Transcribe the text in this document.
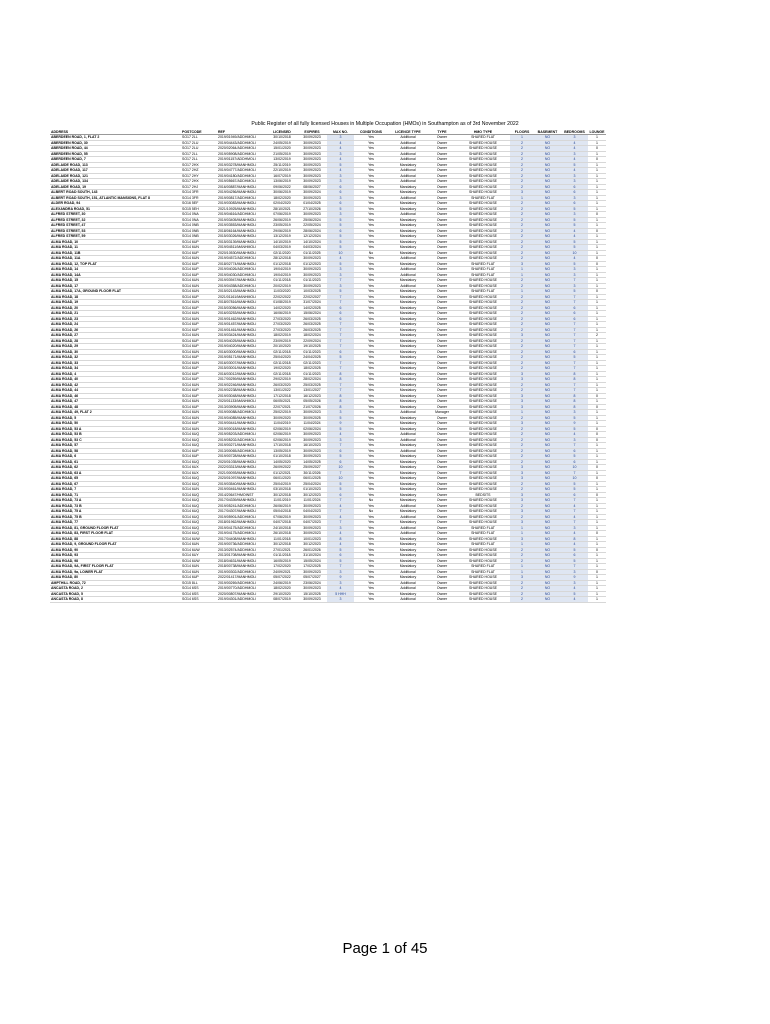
Public Register of all fully licensed Houses in Multiple Occupation (HMOs) in Southampton as of 3rd November 2022
ADDRESS	POSTCODE	REF	LICENSED	EXPIRES	MAX NO.	CONDITIONS	LICENCE TYPE	TYPE	HMO TYPE	FLOORS	BASEMENT	BEDROOMS	LOUNGE
ABERDEEN ROAD, 1, FLAT 2	SO17 2LL	2019/01949/ADDHMOLI	30/10/2018	30/09/2023	3	Yes	Additional	Owner	SHARED FLAT	1	NO	3	1
ABERDEEN ROAD, 30	SO17 2LU	2019/04443/ADDHMOLI	24/05/2019	30/09/2023	4	Yes	Additional	Owner	SHARED HOUSE	2	NO	4	1
ABERDEEN ROAD, 44	SO17 2LU	2020/02064/ADDHMOLI	15/01/2020	30/09/2023	4	Yes	Additional	Owner	SHARED HOUSE	2	NO	4	0
ABERDEEN ROAD, 55	SO17 2LL	2019/05908/ADDHMOLI	21/05/2019	30/09/2023	3	Yes	Additional	Owner	SHARED HOUSE	2	NO	3	1
ABERDEEN ROAD, 7	SO17 2LL	2019/01157/ADDHMOLI	13/02/2019	30/09/2023	4	Yes	Additional	Owner	SHARED HOUSE	2	NO	4	0
ADELAIDE ROAD, 113	SO17 2HX	2019/03278/MANHMOLI	25/11/2019	30/09/2023	5	Yes	Mandatory	Owner	SHARED HOUSE	2	NO	5	1
ADELAIDE ROAD, 117	SO17 2HZ	2019/04777/ADDHMOLI	22/10/2019	30/09/2023	4	Yes	Additional	Owner	SHARED HOUSE	2	NO	4	1
ADELAIDE ROAD, 121	SO17 2HY	2019/04180/ADDHMOLI	16/07/2019	30/09/2023	3	Yes	Additional	Owner	SHARED HOUSE	2	NO	3	1
ADELAIDE ROAD, 134	SO17 2HX	2019/05667/ADDHMOLI	13/06/2019	30/09/2023	3	Yes	Additional	Owner	SHARED HOUSE	2	NO	3	1
ADELAIDE ROAD, 19	SO17 2HJ	2016/00887/MANHMOLI	09/06/2022	08/06/2027	6	Yes	Mandatory	Owner	SHARED HOUSE	2	NO	6	1
ALBERT ROAD SOUTH, 143	SO14 3FR	2019/04256/MANHMOLI	30/06/2019	30/09/2024	6	Yes	Mandatory	Owner	SHARED HOUSE	3	NO	6	1
ALBERT ROAD SOUTH, 151, ATLANTIC MANSIONS, FLAT 8	SO14 3FR	2019/00817/ADDHMOLI	18/02/2020	30/09/2023	3	Yes	Additional	Owner	SHARED FLAT	1	NO	3	1
ALDER ROAD, 94	SO16 5EF	2019/03083/MANHMOLI	02/04/2020	01/04/2025	6	Yes	Mandatory	Owner	SHARED HOUSE	2	NO	6	1
ALEXANDRA ROAD, 51	SO15 5EH	2021/10925/MANHMOLI	28/10/2021	27/10/2026	5	Yes	Mandatory	Owner	SHARED HOUSE	2	NO	5	1
ALFRED STREET, 30	SO14 0NA	2019/04616/ADDHMOLI	07/06/2019	30/09/2023	3	Yes	Additional	Owner	SHARED HOUSE	2	NO	3	0
ALFRED STREET, 32	SO14 0NA	2019/03405/MANHMOLI	26/06/2019	25/06/2024	5	Yes	Mandatory	Owner	SHARED HOUSE	2	NO	5	1
ALFRED STREET, 47	SO14 0NB	2019/03553/MANHMOLI	23/05/2019	22/05/2024	5	Yes	Mandatory	Owner	SHARED HOUSE	2	NO	5	1
ALFRED STREET, 53	SO14 0NB	2018/06164/MANHMOLI	29/06/2019	28/06/2024	6	Yes	Mandatory	Owner	SHARED HOUSE	2	NO	4	0
ALFRED STREET, 59	SO14 0NB	2015/03026/MANHMOLI	13/12/2019	12/12/2024	5	Yes	Mandatory	Owner	SHARED HOUSE	2	NO	4	1
ALMA ROAD, 10	SO14 6UP	2015/03139/MANHMOLI	14/10/2019	14/10/2024	5	Yes	Mandatory	Owner	SHARED HOUSE	2	NO	5	1
ALMA ROAD, 11	SO14 6UN	2019/04511/MANHMOLI	04/03/2019	04/03/2024	5	Yes	Mandatory	Owner	SHARED HOUSE	2	NO	5	1
ALMA ROAD, 11B	SO14 6UP	2020/10530/MANHMOLI	02/11/2020	01/11/2025	10	No	Mandatory	Owner	SHARED HOUSE	2	NO	10	1
ALMA ROAD, 11A	SO14 6UN	2019/04572/ADDHMOLI	28/12/2018	30/09/2023	4	Yes	Additional	Owner	SHARED HOUSE	2	NO	4	0
ALMA ROAD, 12, TOP FLAT	SO14 6UP	2018/02774/MANHMOLI	01/12/2018	01/12/2023	5	Yes	Mandatory	Owner	SHARED FLAT	3	NO	5	0
ALMA ROAD, 14	SO14 6UP	2019/04026/ADDHMOLI	19/04/2019	30/09/2023	3	Yes	Additional	Owner	SHARED FLAT	1	NO	3	1
ALMA ROAD, 14A	SO14 6UP	2019/04030/ADDHMOLI	19/04/2019	30/09/2023	3	Yes	Additional	Owner	SHARED FLAT	1	NO	3	1
ALMA ROAD, 15	SO14 6UN	2019/03947/MANHMOLI	01/11/2018	01/11/2023	7	Yes	Mandatory	Owner	SHARED HOUSE	2	NO	7	1
ALMA ROAD, 17	SO14 6UN	2019/04358/ADDHMOLI	20/02/2019	30/09/2023	3	Yes	Additional	Owner	SHARED HOUSE	2	NO	3	1
ALMA ROAD, 17A, GROUND FLOOR FLAT	SO14 6UN	2015/02143/MANHMOLI	11/03/2020	10/03/2025	5	Yes	Mandatory	Owner	SHARED FLAT	1	NO	5	0
ALMA ROAD, 18	SO14 6UP	2021/01161/MANHMOLI	22/02/2022	22/02/2027	7	Yes	Mandatory	Owner	SHARED HOUSE	2	NO	7	1
ALMA ROAD, 19	SO14 6UN	2018/07816/MANHMOLI	01/08/2019	31/07/2024	7	Yes	Mandatory	Owner	SHARED HOUSE	2	NO	7	1
ALMA ROAD, 20	SO14 6UP	2015/03056/MANHMOLI	14/02/2020	14/02/2025	6	Yes	Mandatory	Owner	SHARED HOUSE	2	NO	6	1
ALMA ROAD, 21	SO14 6UN	2016/03253/MANHMOLI	16/06/2019	15/06/2024	6	Yes	Mandatory	Owner	SHARED HOUSE	2	NO	6	1
ALMA ROAD, 23	SO14 6UN	2019/01462/MANHMOLI	27/03/2020	26/03/2025	6	Yes	Mandatory	Owner	SHARED HOUSE	2	NO	6	1
ALMA ROAD, 24	SO14 6UP	2019/01457/MANHMOLI	27/03/2020	26/03/2025	7	Yes	Mandatory	Owner	SHARED HOUSE	2	NO	7	1
ALMA ROAD, 26	SO14 6UP	2019/01461/MANHMOLI	27/03/2020	26/03/2025	7	Yes	Mandatory	Owner	SHARED HOUSE	2	NO	7	1
ALMA ROAD, 27	SO14 6UN	2019/03424/MANHMOLI	18/02/2019	18/02/2024	7	Yes	Mandatory	Owner	SHARED HOUSE	3	NO	7	2
ALMA ROAD, 28	SO14 6UP	2019/04025/MANHMOLI	23/09/2019	22/09/2024	7	Yes	Mandatory	Owner	SHARED HOUSE	2	NO	7	1
ALMA ROAD, 29	SO14 6UP	2019/04020/MANHMOLI	20/10/2020	19/10/2025	7	Yes	Mandatory	Owner	SHARED HOUSE	2	NO	7	1
ALMA ROAD, 30	SO14 6UN	2016/03000/MANHMOLI	02/11/2018	01/11/2023	6	Yes	Mandatory	Owner	SHARED HOUSE	2	NO	6	1
ALMA ROAD, 32	SO14 6UP	2019/05171/MANHMOLI	25/04/2020	24/04/2025	5	Yes	Mandatory	Owner	SHARED HOUSE	2	NO	5	1
ALMA ROAD, 33	SO14 6UN	2016/03007/MANHMOLI	02/11/2018	02/11/2023	7	Yes	Mandatory	Owner	SHARED HOUSE	2	NO	7	1
ALMA ROAD, 34	SO14 6UP	2015/03001/MANHMOLI	19/02/2020	18/02/2025	7	Yes	Mandatory	Owner	SHARED HOUSE	2	NO	7	1
ALMA ROAD, 4	SO14 6UP	2016/03012/MANHMOLI	02/11/2018	01/11/2023	8	Yes	Mandatory	Owner	SHARED HOUSE	3	NO	8	1
ALMA ROAD, 40	SO14 6UP	2017/00259/MANHMOLI	29/02/2019	28/02/2024	8	Yes	Mandatory	Owner	SHARED HOUSE	3	NO	8	1
ALMA ROAD, 42	SO14 6UN	2019/02246/MANHMOLI	26/03/2020	25/03/2025	7	Yes	Mandatory	Owner	SHARED HOUSE	2	NO	7	1
ALMA ROAD, 44	SO14 6UP	2019/02238/MANHMOLI	13/01/2022	13/01/2027	7	Yes	Mandatory	Owner	SHARED HOUSE	2	NO	7	1
ALMA ROAD, 46	SO14 6UP	2019/03048/MANHMOLI	17/12/2018	16/12/2023	8	Yes	Mandatory	Owner	SHARED HOUSE	3	NO	8	0
ALMA ROAD, 47	SO14 6UN	2020/01133/MANHMOLI	06/05/2021	05/05/2026	8	Yes	Mandatory	Owner	SHARED HOUSE	3	NO	8	1
ALMA ROAD, 48	SO14 6UP	2013/03905/MANHMOLI	22/07/2021	21/07/2026	8	Yes	Mandatory	Owner	SHARED HOUSE	3	NO	8	0
ALMA ROAD, 49, FLAT 2	SO14 6UN	2019/00088/ADDHMOLI	25/02/2019	30/09/2023	3	Yes	Additional	Manager	SHARED HOUSE	1	NO	3	1
ALMA ROAD, 5	SO14 6UN	2019/04085/MANHMOLI	30/09/2020	30/09/2025	5	Yes	Mandatory	Owner	SHARED HOUSE	2	NO	5	1
ALMA ROAD, 50	SO14 6UP	2019/00441/MANHMOLI	11/04/2019	11/04/2024	9	Yes	Mandatory	Owner	SHARED HOUSE	3	NO	9	1
ALMA ROAD, 53 A	SO14 6UN	2019/00018/MANHMOLI	02/06/2019	02/06/2024	5	Yes	Mandatory	Owner	SHARED HOUSE	2	NO	5	0
ALMA ROAD, 53 B	SO14 6UQ	2019/05203/ADDHMOLI	02/06/2019	30/09/2023	4	Yes	Additional	Owner	SHARED HOUSE	2	NO	4	0
ALMA ROAD, 53 C	SO14 6UQ	2019/05202/ADDHMOLI	02/06/2019	30/09/2023	3	Yes	Additional	Owner	SHARED HOUSE	2	NO	3	0
ALMA ROAD, 57	SO14 6UQ	2019/00271/MANHMOLI	17/10/2018	16/10/2023	7	Yes	Mandatory	Owner	SHARED HOUSE	2	NO	7	1
ALMA ROAD, 58	SO14 6UP	2013/00065/ADDHMOLI	13/05/2019	30/09/2023	6	Yes	Additional	Owner	SHARED HOUSE	2	NO	6	1
ALMA ROAD, 6	SO14 6UP	2019/00728/MANHMOLI	01/10/2018	30/09/2023	5	Yes	Mandatory	Owner	SHARED HOUSE	2	NO	5	1
ALMA ROAD, 61	SO14 6UQ	2020/01035/MANHMOLI	14/05/2020	14/05/2025	6	Yes	Mandatory	Owner	SHARED HOUSE	2	NO	6	1
ALMA ROAD, 62	SO14 6UX	2022/03313/MANHMOLI	26/09/2022	25/09/2027	10	Yes	Mandatory	Owner	SHARED HOUSE	3	NO	10	0
ALMA ROAD, 63 A	SO14 6UX	2021/00093/MANHMOLI	01/12/2021	30/11/2026	7	Yes	Mandatory	Owner	SHARED HOUSE	3	NO	7	1
ALMA ROAD, 65	SO14 6UQ	2020/01097/MANHMOLI	06/01/2020	06/01/2025	10	Yes	Mandatory	Owner	SHARED HOUSE	3	NO	10	0
ALMA ROAD, 67	SO14 6UQ	2019/03540/MANHMOLI	25/04/2019	25/04/2024	5	Yes	Mandatory	Owner	SHARED HOUSE	2	NO	5	1
ALMA ROAD, 7	SO14 6UN	2019/00461/MANHMOLI	03/10/2018	01/10/2023	5	Yes	Mandatory	Owner	SHARED HOUSE	2	NO	5	1
ALMA ROAD, 71	SO14 6UQ	2014/20647/HMOINST	30/12/2018	30/12/2023	6	Yes	Mandatory	Owner	BEDSITS	3	NO	6	0
ALMA ROAD, 73 A	SO14 6UQ	2017/04339/MANHMOLI	11/01/2019	11/01/2024	7	No	Mandatory	Owner	SHARED HOUSE	3	NO	7	1
ALMA ROAD, 73 B	SO14 6UQ	2019/05241/ADDHMOLI	26/06/2019	30/09/2023	4	Yes	Additional	Owner	SHARED HOUSE	2	NO	4	1
ALMA ROAD, 75 A	SO14 6UQ	2017/04307/MANHMOLI	05/04/2018	04/04/2023	7	No	Mandatory	Owner	SHARED HOUSE	3	NO	7	1
ALMA ROAD, 75 B	SO14 6UQ	2019/05901/ADDHMOLI	07/06/2019	30/09/2023	4	Yes	Additional	Owner	SHARED HOUSE	2	NO	4	1
ALMA ROAD, 77	SO14 6UQ	2018/01962/MANHMOLI	04/07/2018	04/07/2023	7	Yes	Mandatory	Owner	SHARED HOUSE	3	NO	7	1
ALMA ROAD, 81, GROUND FLOOR FLAT	SO14 6UQ	2019/04175/ADDHMOLI	24/10/2018	30/09/2023	3	Yes	Additional	Owner	SHARED FLAT	1	NO	3	1
ALMA ROAD, 83, FIRST FLOOR FLAT	SO14 6UQ	2019/04175/ADDHMOLI	26/10/2018	30/09/2023	4	Yes	Additional	Owner	SHARED FLAT	1	NO	4	0
ALMA ROAD, 88	SO14 6UW	2017/04408/MANHMOLI	11/01/2018	10/01/2023	8	Yes	Mandatory	Owner	SHARED HOUSE	3	NO	8	1
ALMA ROAD, 9, GROUND FLOOR FLAT	SO14 6UN	2019/00736/ADDHMOLI	30/12/2018	30/12/2023	4	Yes	Mandatory	Owner	SHARED FLAT	1	NO	4	1
ALMA ROAD, 90	SO14 6UW	2013/02574/ADDHMOLI	27/01/2021	26/01/2026	5	Yes	Mandatory	Owner	SHARED HOUSE	2	NO	5	0
ALMA ROAD, 93	SO14 6UY	2013/01708/MANHMOLI	01/11/2018	31/10/2024	6	Yes	Mandatory	Owner	SHARED HOUSE	2	NO	6	1
ALMA ROAD, 98	SO14 6UW	2018/04631/MANHMOLI	16/05/2019	15/05/2024	5	Yes	Mandatory	Owner	SHARED HOUSE	2	NO	5	1
ALMA ROAD, 9A, FIRST FLOOR FLAT	SO14 6UN	2018/00738/MANHMOLI	17/02/2020	17/02/2025	7	Yes	Mandatory	Owner	SHARED FLAT	1	NO	7	1
ALMA ROAD, 9a, LOWER FLAT	SO14 6UN	2019/00302/ADDHMOLI	24/09/2021	30/09/2023	3	Yes	Additional	Owner	SHARED FLAT	1	NO	3	0
ALMA ROAD, 80	SO14 6UP	2022/01417/MANHMOLI	05/07/2022	05/07/2027	9	Yes	Mandatory	Owner	SHARED HOUSE	3	NO	9	1
AMPTHILL ROAD, 72	SO15 8LL	2019/00269/ADDHMOLI	24/06/2019	23/06/2024	3	Yes	Additional	Owner	SHARED HOUSE	2	NO	3	1
ANCASTA ROAD, 2	SO14 6SS	2019/00770/ADDHMOLI	18/02/2020	30/09/2023	4	Yes	Additional	Owner	SHARED HOUSE	2	NO	4	1
ANCASTA ROAD, 5	SO14 6SS	2020/00807/MANHMOLI	29/10/2020	15/10/2025	5 HHH	Yes	Mandatory	Owner	SHARED HOUSE	2	NO	5	1
ANCASTA ROAD, 8	SO14 6SS	2019/04301/ADDHMOLI	08/07/2019	30/09/2023	3	Yes	Additional	Owner	SHARED HOUSE	2	NO	4	1
Page 1 of 45
